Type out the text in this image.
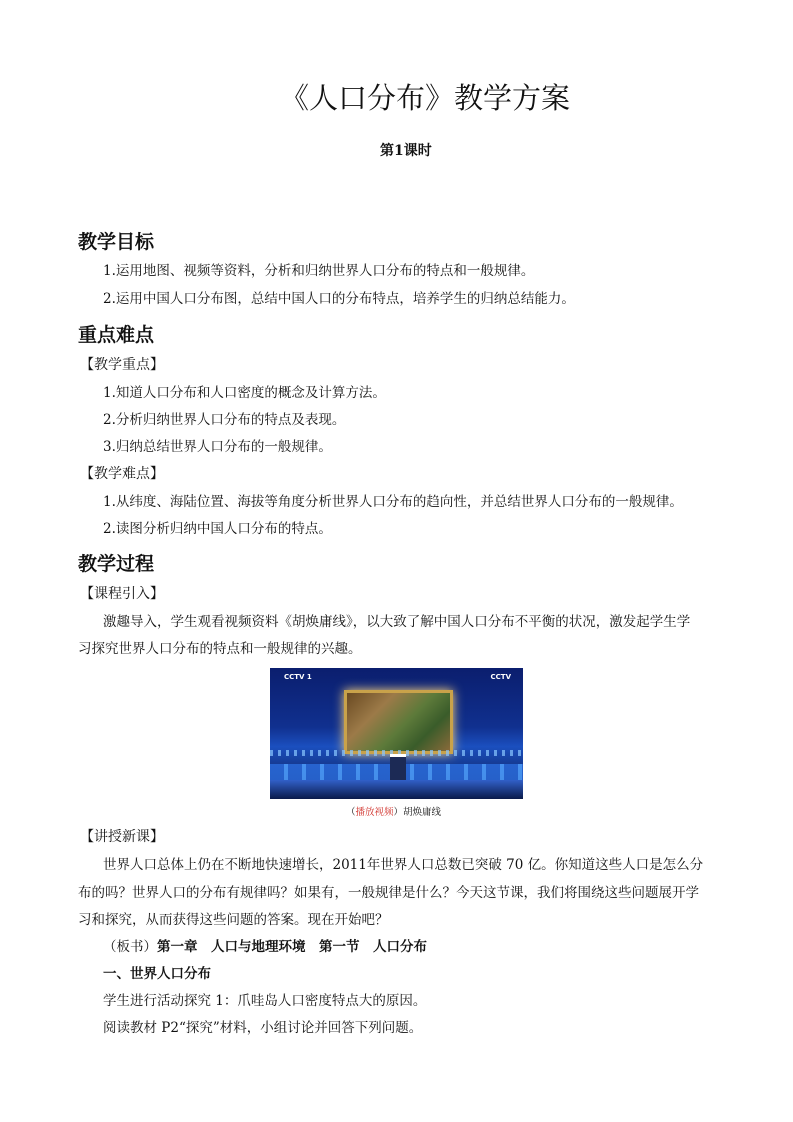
《人口分布》教学方案
第1课时
教学目标
1.运用地图、视频等资料，分析和归纳世界人口分布的特点和一般规律。
2.运用中国人口分布图，总结中国人口的分布特点，培养学生的归纳总结能力。
重点难点
【教学重点】
1.知道人口分布和人口密度的概念及计算方法。
2.分析归纳世界人口分布的特点及表现。
3.归纳总结世界人口分布的一般规律。
【教学难点】
1.从纬度、海陆位置、海拔等角度分析世界人口分布的趋向性，并总结世界人口分布的一般规律。
2.读图分析归纳中国人口分布的特点。
教学过程
【课程引入】
激趣导入，学生观看视频资料《胡焕庸线》，以大致了解中国人口分布不平衡的状况，激发起学生学
习探究世界人口分布的特点和一般规律的兴趣。
CCTV 1	CCTV
（播放视频）胡焕庸线
【讲授新课】
世界人口总体上仍在不断地快速增长，2011年世界人口总数已突破 70 亿。你知道这些人口是怎么分
布的吗？世界人口的分布有规律吗？如果有，一般规律是什么？今天这节课，我们将围绕这些问题展开学
习和探究，从而获得这些问题的答案。现在开始吧？
（板书）第一章　人口与地理环境　第一节　人口分布
一、世界人口分布
学生进行活动探究 1：爪哇岛人口密度特点大的原因。
阅读教材 P2“探究”材料，小组讨论并回答下列问题。
